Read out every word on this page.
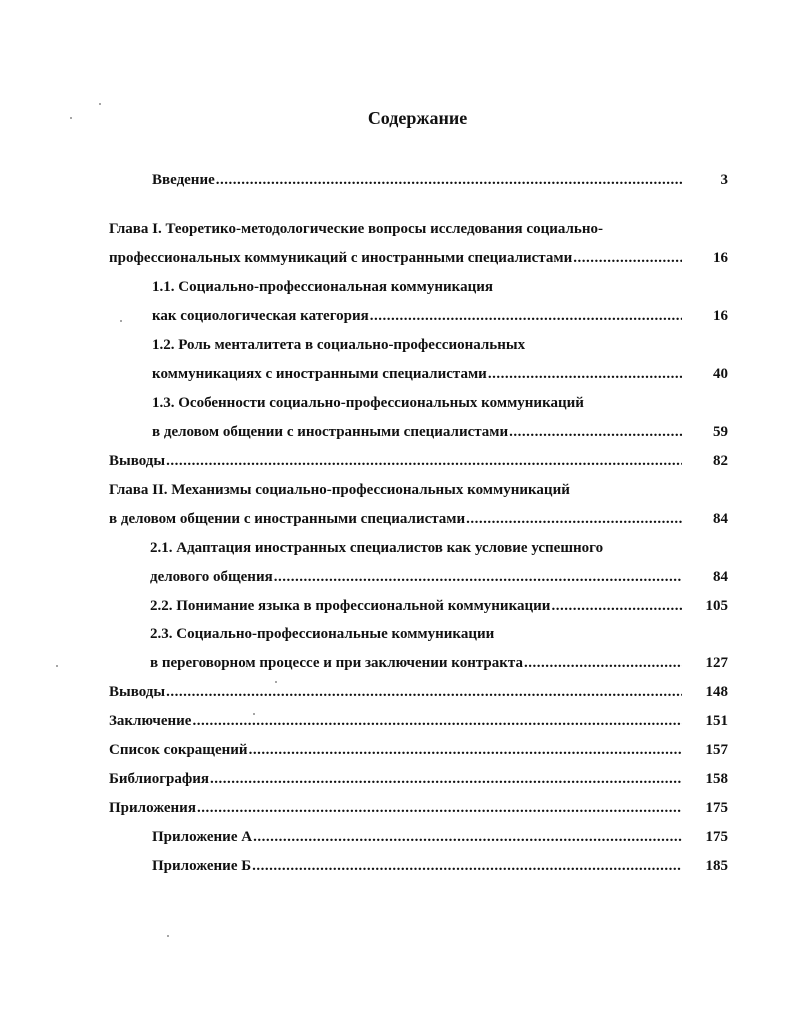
Содержание
Введение .....	3
Глава I. Теоретико-методологические вопросы исследования социально-
профессиональных коммуникаций с иностранными специалистами .....	16
1.1. Социально-профессиональная коммуникация
как социологическая категория .....	16
1.2. Роль менталитета в социально-профессиональных
коммуникациях с иностранными специалистами .....	40
1.3. Особенности социально-профессиональных коммуникаций
в деловом общении с иностранными специалистами .....	59
Выводы .....	82
Глава II. Механизмы социально-профессиональных коммуникаций
в деловом общении с иностранными специалистами .....	84
2.1. Адаптация иностранных специалистов как условие успешного
делового общения .....	84
2.2. Понимание языка в профессиональной коммуникации .....	105
2.3. Социально-профессиональные коммуникации
в переговорном процессе и при заключении контракта .....	127
Выводы .....	148
Заключение .....	151
Список сокращений .....	157
Библиография .....	158
Приложения .....	175
Приложение А .....	175
Приложение Б .....	185
